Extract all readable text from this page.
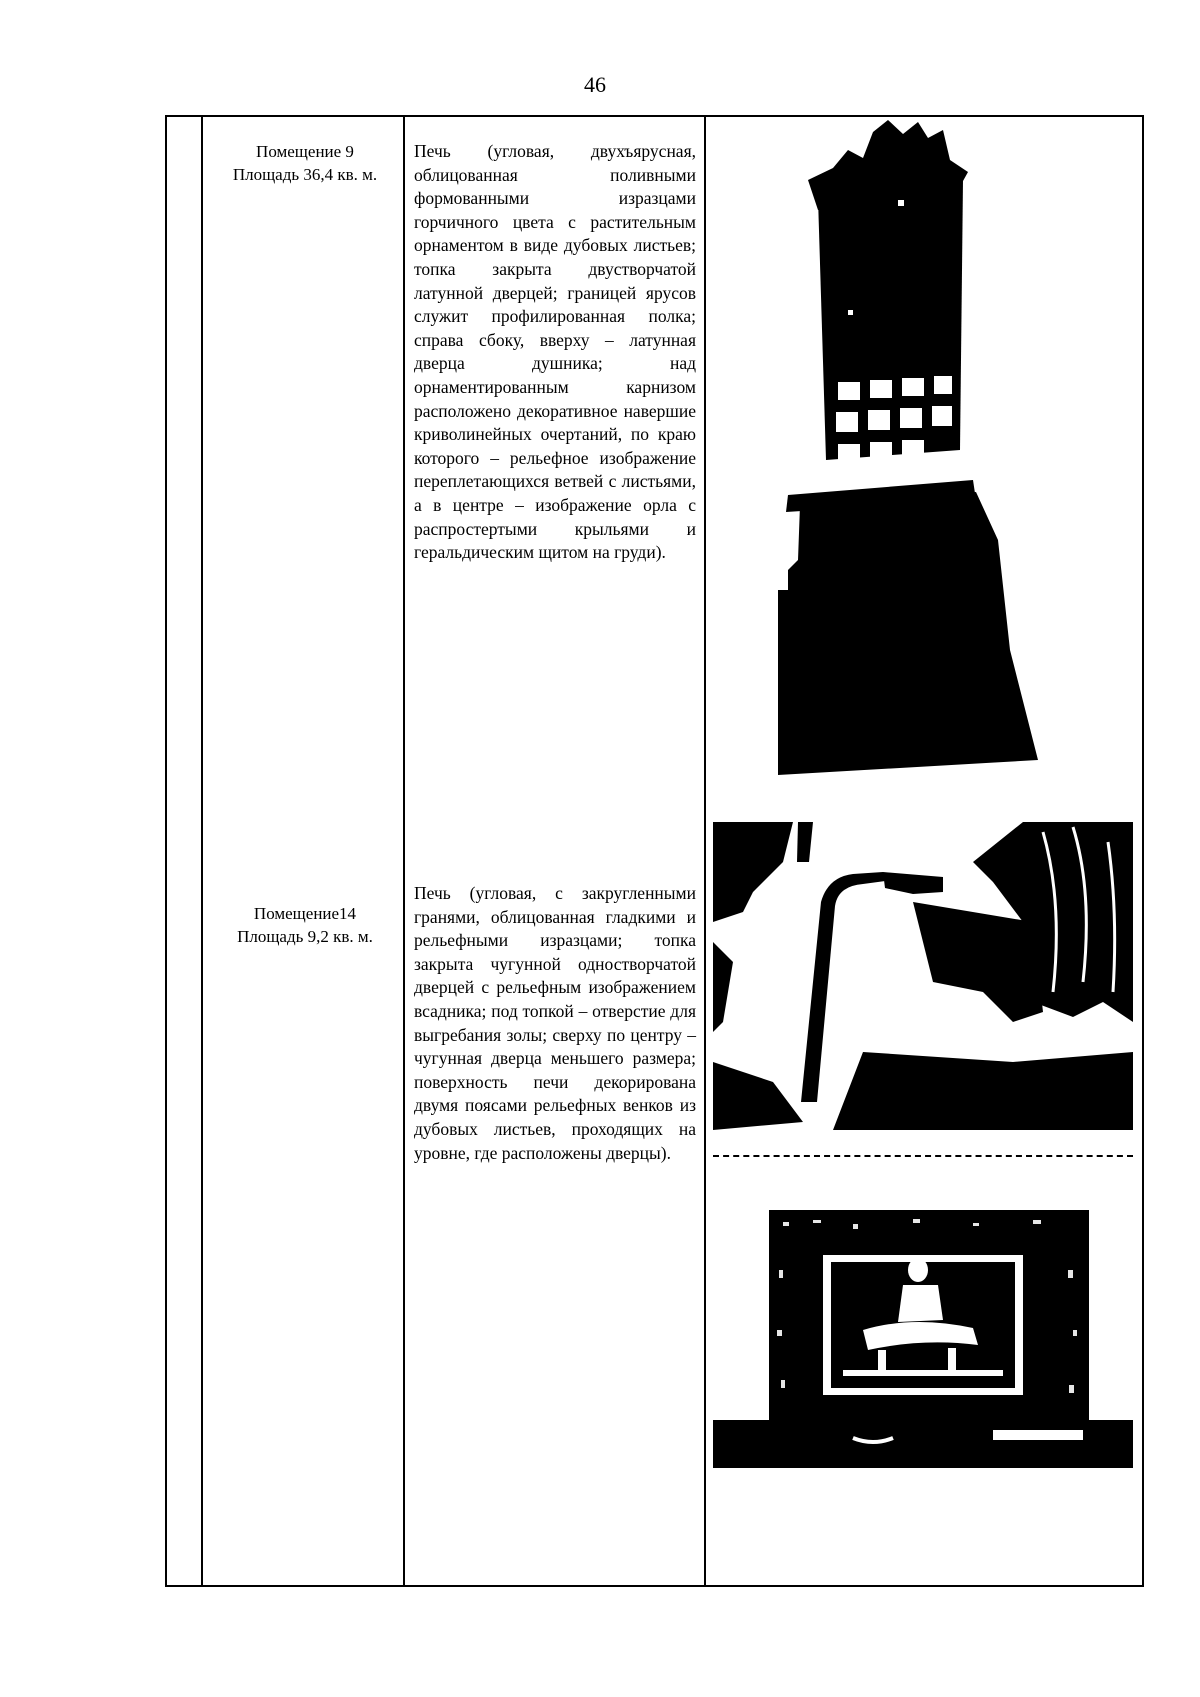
46
Помещение 9
Площадь 36,4 кв. м.
Печь (угловая, двухъярусная, облицованная поливными формованными изразцами горчичного цвета с растительным орнаментом в виде дубовых листьев; топка закрыта двустворчатой латунной дверцей; границей ярусов служит профилированная полка; справа сбоку, вверху – латунная дверца душника; над орнаментированным карнизом расположено декоративное навершие криволинейных очертаний, по краю которого – рельефное изображение переплетающихся ветвей с листьями, а в центре – изображение орла с распростертыми крыльями и геральдическим щитом на груди).
Помещение14
Площадь 9,2 кв. м.
Печь (угловая, с закругленными гранями, облицованная гладкими и рельефными изразцами; топка закрыта чугунной одностворчатой дверцей с рельефным изображением всадника; под топкой – отверстие для выгребания золы; сверху по центру – чугунная дверца меньшего размера; поверхность печи декорирована двумя поясами рельефных венков из дубовых листьев, проходящих на уровне, где расположены дверцы).
